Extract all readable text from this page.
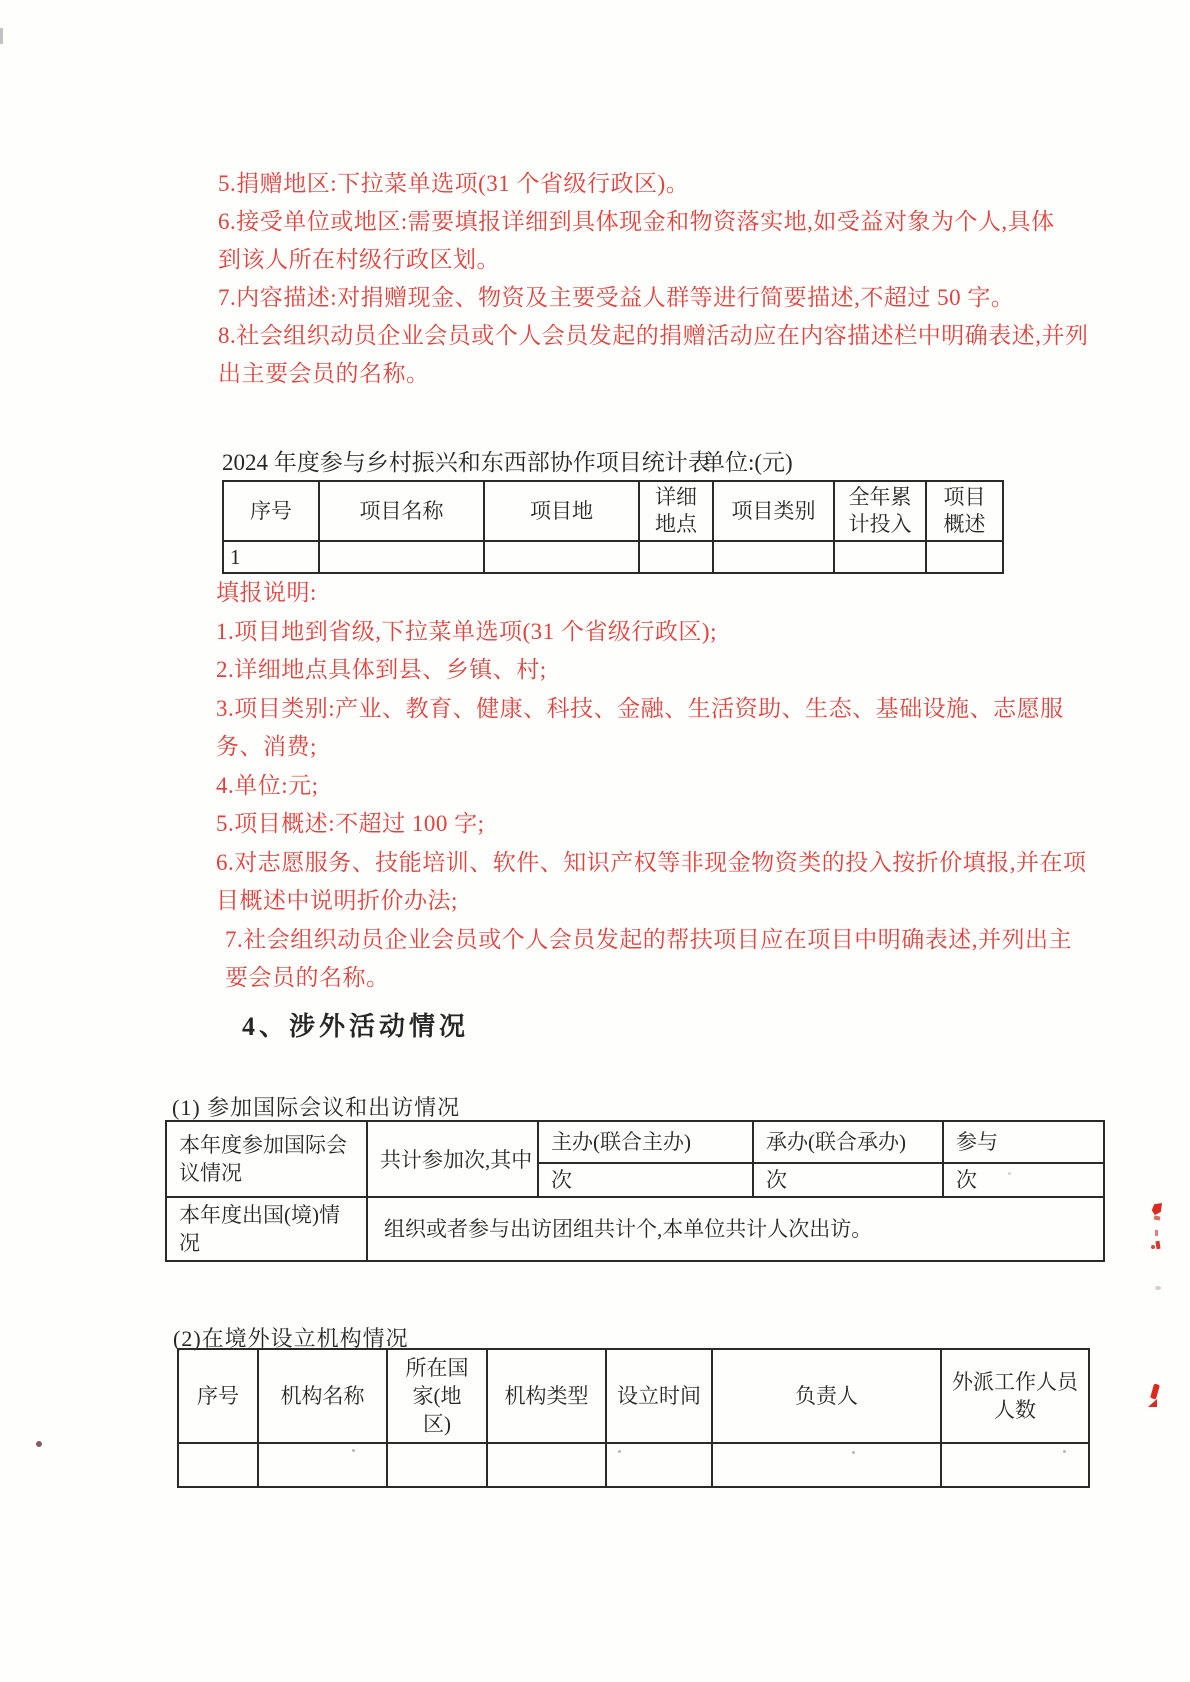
5.捐赠地区:下拉菜单选项(31 个省级行政区)。

6.接受单位或地区:需要填报详细到具体现金和物资落实地,如受益对象为个人,具体

到该人所在村级行政区划。

7.内容描述:对捐赠现金、物资及主要受益人群等进行简要描述,不超过 50 字。

8.社会组织动员企业会员或个人会员发起的捐赠活动应在内容描述栏中明确表述,并列

出主要会员的名称。

2024 年度参与乡村振兴和东西部协作项目统计表
单位:(元)
序号	项目名称	项目地	详细地点	项目类别	全年累计投入	项目概述
1						

填报说明:

1.项目地到省级,下拉菜单选项(31 个省级行政区);

2.详细地点具体到县、乡镇、村;

3.项目类别:产业、教育、健康、科技、金融、生活资助、生态、基础设施、志愿服

务、消费;

4.单位:元;

5.项目概述:不超过 100 字;

6.对志愿服务、技能培训、软件、知识产权等非现金物资类的投入按折价填报,并在项

目概述中说明折价办法;

7.社会组织动员企业会员或个人会员发起的帮扶项目应在项目中明确表述,并列出主

要会员的名称。

4、涉外活动情况
(1) 参加国际会议和出访情况
本年度参加国际会议情况	共计参加次,其中	主办(联合主办)	承办(联合承办)	参与
		次	次	次
本年度出国(境)情况	组织或者参与出访团组共计个,本单位共计人次出访。			
(2)在境外设立机构情况
序号	机构名称	所在国家(地区)	机构类型	设立时间	负责人	外派工作人员人数
